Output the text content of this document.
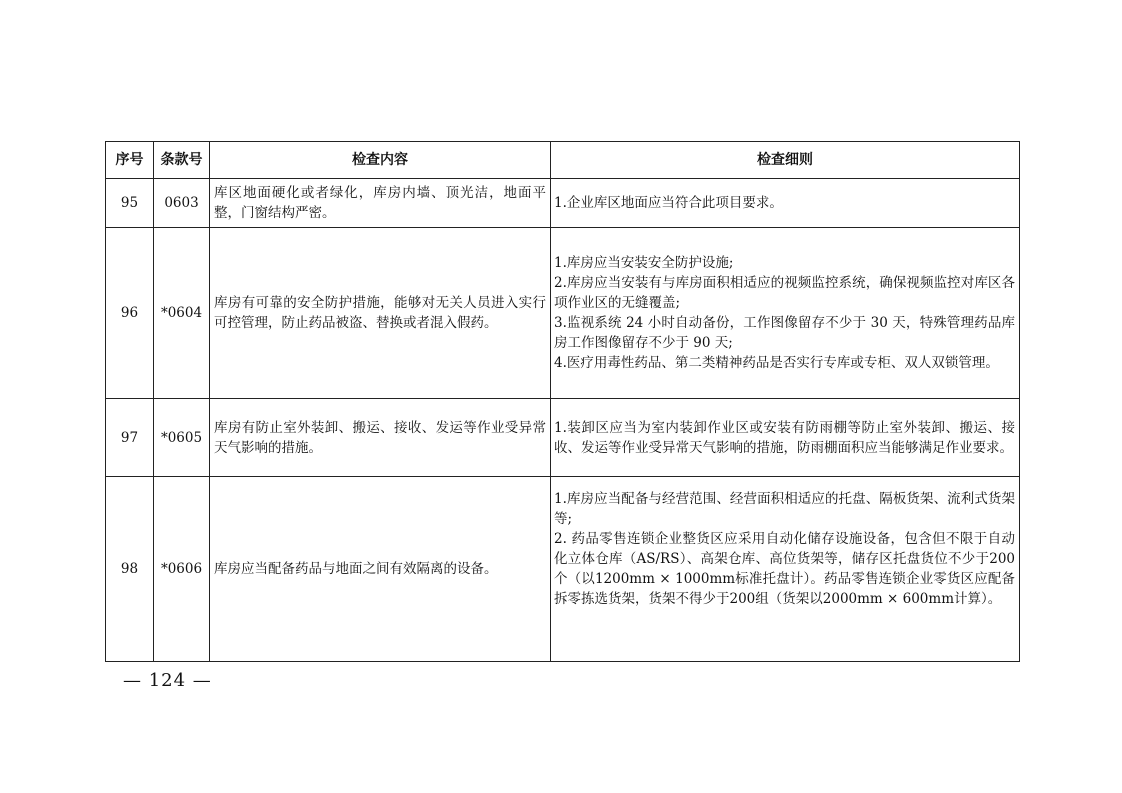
序号	条款号	检查内容	检查细则
95	0603	库区地面硬化或者绿化，库房内墙、顶光洁，地面平整，门窗结构严密。	1.企业库区地面应当符合此项目要求。

96	*0604	库房有可靠的安全防护措施，能够对无关人员进入实行可控管理，防止药品被盗、替换或者混入假药。	1.库房应当安装安全防护设施;

2.库房应当安装有与库房面积相适应的视频监控系统，确保视频监控对库区各项作业区的无缝覆盖;

3.监视系统 24 小时自动备份，工作图像留存不少于 30 天，特殊管理药品库房工作图像留存不少于 90 天;

4.医疗用毒性药品、第二类精神药品是否实行专库或专柜、双人双锁管理。

97	*0605	库房有防止室外装卸、搬运、接收、发运等作业受异常天气影响的措施。	1.装卸区应当为室内装卸作业区或安装有防雨棚等防止室外装卸、搬运、接收、发运等作业受异常天气影响的措施，防雨棚面积应当能够满足作业要求。

98	*0606	库房应当配备药品与地面之间有效隔离的设备。	1.库房应当配备与经营范围、经营面积相适应的托盘、隔板货架、流利式货架等;

2. 药品零售连锁企业整货区应采用自动化储存设施设备，包含但不限于自动化立体仓库（AS/RS）、高架仓库、高位货架等，储存区托盘货位不少于200个（以1200mm × 1000mm标准托盘计）。药品零售连锁企业零货区应配备拆零拣选货架，货架不得少于200组（货架以2000mm × 600mm计算）。

— 124 —
